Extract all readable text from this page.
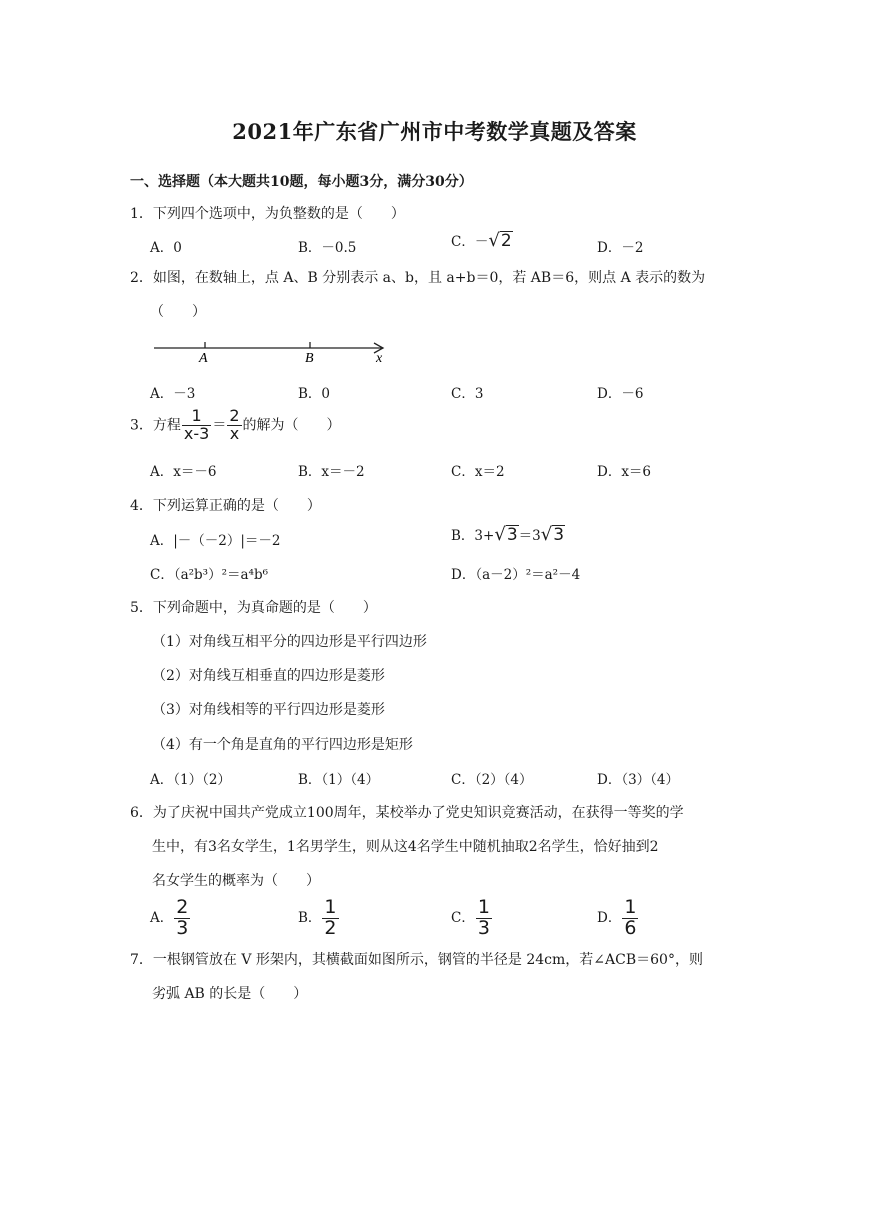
2021年广东省广州市中考数学真题及答案
一、选择题（本大题共10题，每小题3分，满分30分）
1．下列四个选项中，为负整数的是（　　）
A．0	B．－0.5	C．－√2	D．－2
2．如图，在数轴上，点 A、B 分别表示 a、b，且 a+b＝0，若 AB＝6，则点 A 表示的数为
（　　）
A	B	x
A．－3	B．0	C．3	D．－6
3．方程 $\frac{1}{x-3} = \frac{2}{x}$ 的解为（　　）
A．x＝－6	B．x＝－2	C．x＝2	D．x＝6
4．下列运算正确的是（　　）
A．|－（－2）|＝－2	B．3+√3＝3√3
C．（a²b³）²＝a⁴b⁶	D．（a－2）²＝a²－4
5．下列命题中，为真命题的是（　　）
（1）对角线互相平分的四边形是平行四边形
（2）对角线互相垂直的四边形是菱形
（3）对角线相等的平行四边形是菱形
（4）有一个角是直角的平行四边形是矩形
A．（1）（2）	B．（1）（4）	C．（2）（4）	D．（3）（4）
6．为了庆祝中国共产党成立100周年，某校举办了党史知识竞赛活动，在获得一等奖的学
生中，有3名女学生，1名男学生，则从这4名学生中随机抽取2名学生，恰好抽到2
名女学生的概率为（　　）
A． $\frac{2}{3}$	B． $\frac{1}{2}$	C． $\frac{1}{3}$	D． $\frac{1}{6}$
7．一根钢管放在 V 形架内，其横截面如图所示，钢管的半径是 24cm，若∠ACB＝60°，则
劣弧 AB 的长是（　　）
